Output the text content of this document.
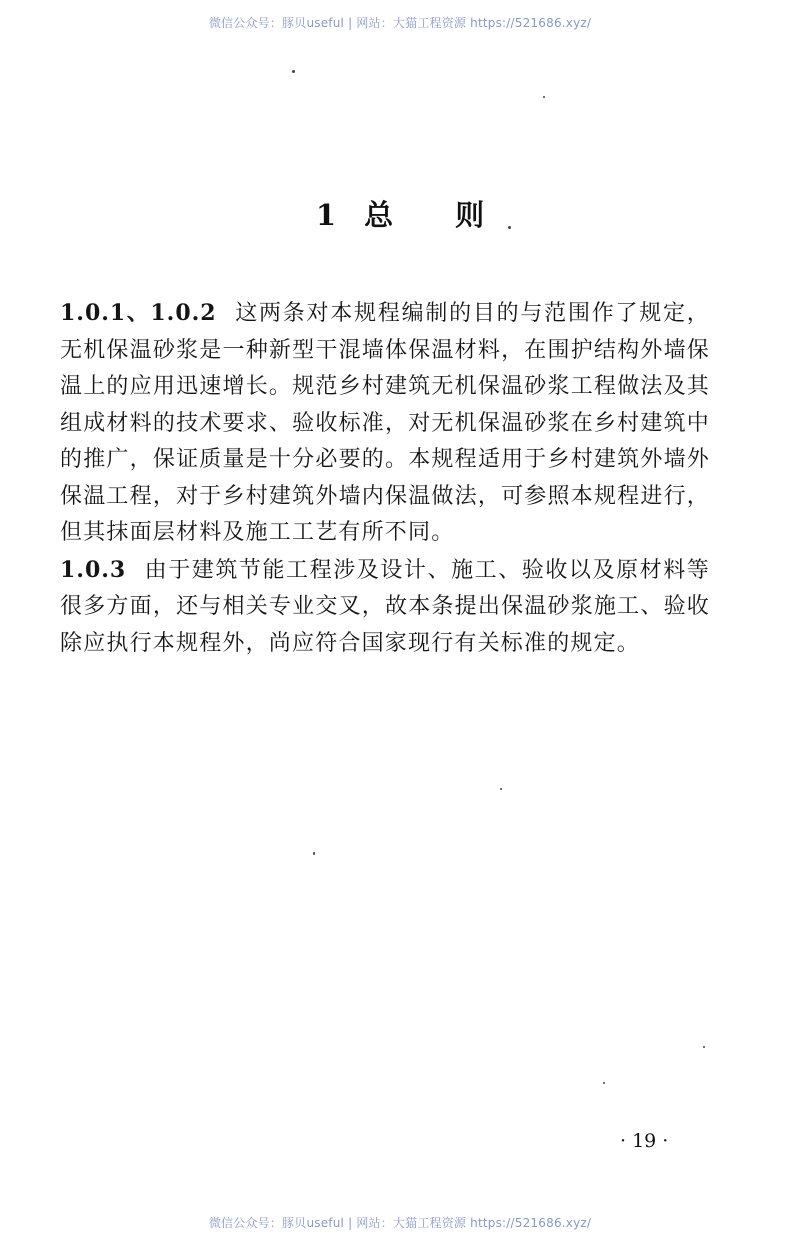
微信公众号：豚贝useful | 网站：大猫工程资源 https://521686.xyz/
1 总 则

1.0.1、1.0.2 这两条对本规程编制的目的与范围作了规定，无机保温砂浆是一种新型干混墙体保温材料，在围护结构外墙保温上的应用迅速增长。规范乡村建筑无机保温砂浆工程做法及其组成材料的技术要求、验收标准，对无机保温砂浆在乡村建筑中的推广，保证质量是十分必要的。本规程适用于乡村建筑外墙外保温工程，对于乡村建筑外墙内保温做法，可参照本规程进行，但其抹面层材料及施工工艺有所不同。

1.0.3 由于建筑节能工程涉及设计、施工、验收以及原材料等很多方面，还与相关专业交叉，故本条提出保温砂浆施工、验收除应执行本规程外，尚应符合国家现行有关标准的规定。

· 19 ·
微信公众号：豚贝useful | 网站：大猫工程资源 https://521686.xyz/
